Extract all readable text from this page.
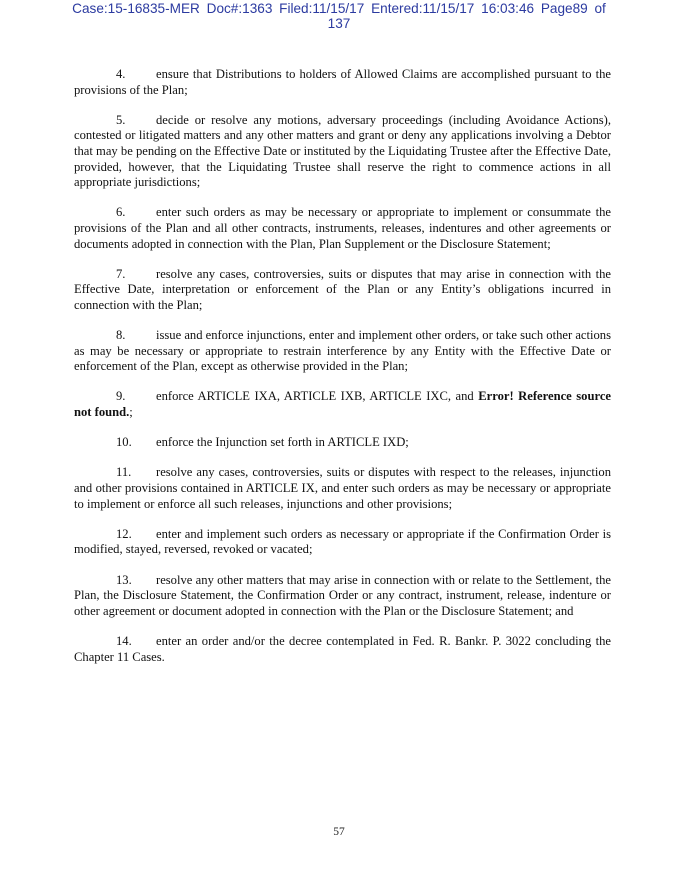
Case:15-16835-MER Doc#:1363 Filed:11/15/17 Entered:11/15/17 16:03:46 Page89 of
137

4. ensure that Distributions to holders of Allowed Claims are accomplished pursuant to the provisions of the Plan;

5. decide or resolve any motions, adversary proceedings (including Avoidance Actions), contested or litigated matters and any other matters and grant or deny any applications involving a Debtor that may be pending on the Effective Date or instituted by the Liquidating Trustee after the Effective Date, provided, however, that the Liquidating Trustee shall reserve the right to commence actions in all appropriate jurisdictions;

6. enter such orders as may be necessary or appropriate to implement or consummate the provisions of the Plan and all other contracts, instruments, releases, indentures and other agreements or documents adopted in connection with the Plan, Plan Supplement or the Disclosure Statement;

7. resolve any cases, controversies, suits or disputes that may arise in connection with the Effective Date, interpretation or enforcement of the Plan or any Entity’s obligations incurred in connection with the Plan;

8. issue and enforce injunctions, enter and implement other orders, or take such other actions as may be necessary or appropriate to restrain interference by any Entity with the Effective Date or enforcement of the Plan, except as otherwise provided in the Plan;

9. enforce ARTICLE IXA, ARTICLE IXB, ARTICLE IXC, and Error! Reference source not found.;

10. enforce the Injunction set forth in ARTICLE IXD;

11. resolve any cases, controversies, suits or disputes with respect to the releases, injunction and other provisions contained in ARTICLE IX, and enter such orders as may be necessary or appropriate to implement or enforce all such releases, injunctions and other provisions;

12. enter and implement such orders as necessary or appropriate if the Confirmation Order is modified, stayed, reversed, revoked or vacated;

13. resolve any other matters that may arise in connection with or relate to the Settlement, the Plan, the Disclosure Statement, the Confirmation Order or any contract, instrument, release, indenture or other agreement or document adopted in connection with the Plan or the Disclosure Statement; and

14. enter an order and/or the decree contemplated in Fed. R. Bankr. P. 3022 concluding the Chapter 11 Cases.

57
